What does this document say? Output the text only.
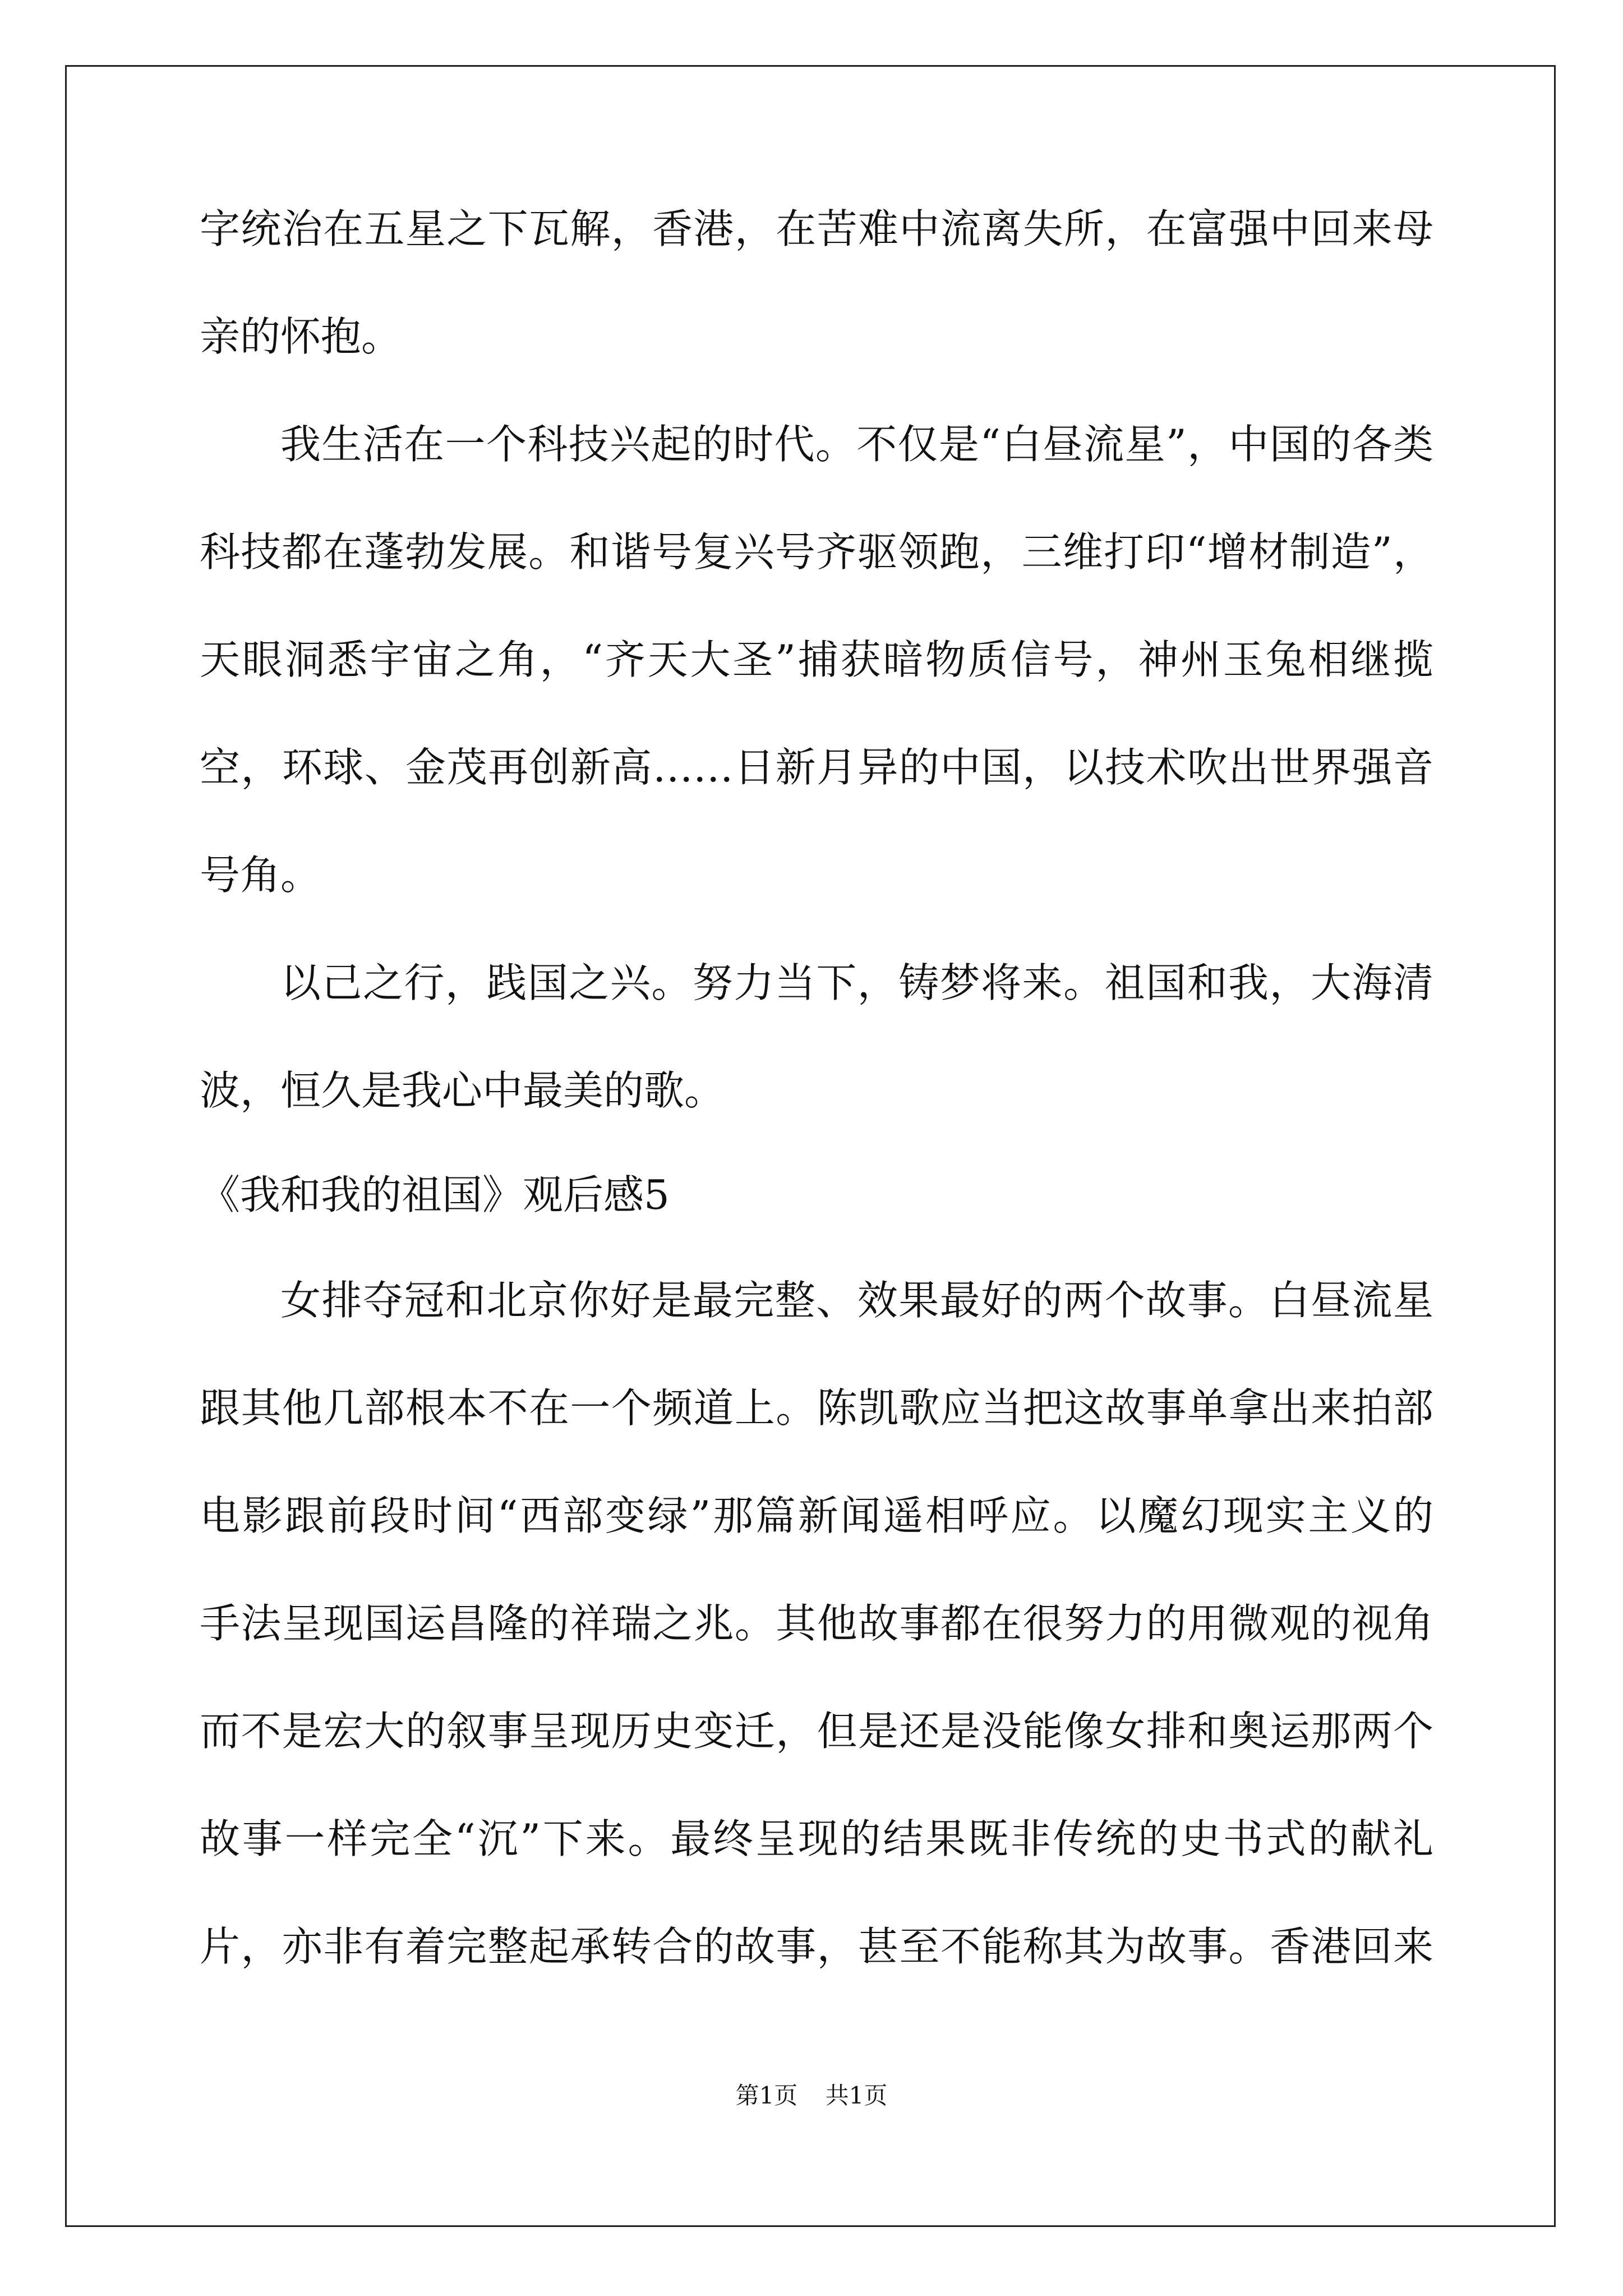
字统治在五星之下瓦解，香港，在苦难中流离失所，在富强中回来母
亲的怀抱。
我生活在一个科技兴起的时代。不仅是“白昼流星”，中国的各类
科技都在蓬勃发展。和谐号复兴号齐驱领跑，三维打印“增材制造”，
天眼洞悉宇宙之角，“齐天大圣”捕获暗物质信号，神州玉兔相继揽
空，环球、金茂再创新高……日新月异的中国，以技术吹出世界强音
号角。
以己之行，践国之兴。努力当下，铸梦将来。祖国和我，大海清
波，恒久是我心中最美的歌。
《我和我的祖国》观后感5
女排夺冠和北京你好是最完整、效果最好的两个故事。白昼流星
跟其他几部根本不在一个频道上。陈凯歌应当把这故事单拿出来拍部
电影跟前段时间“西部变绿”那篇新闻遥相呼应。以魔幻现实主义的
手法呈现国运昌隆的祥瑞之兆。其他故事都在很努力的用微观的视角
而不是宏大的叙事呈现历史变迁，但是还是没能像女排和奥运那两个
故事一样完全“沉”下来。最终呈现的结果既非传统的史书式的献礼
片，亦非有着完整起承转合的故事，甚至不能称其为故事。香港回来
第1页 共1页
